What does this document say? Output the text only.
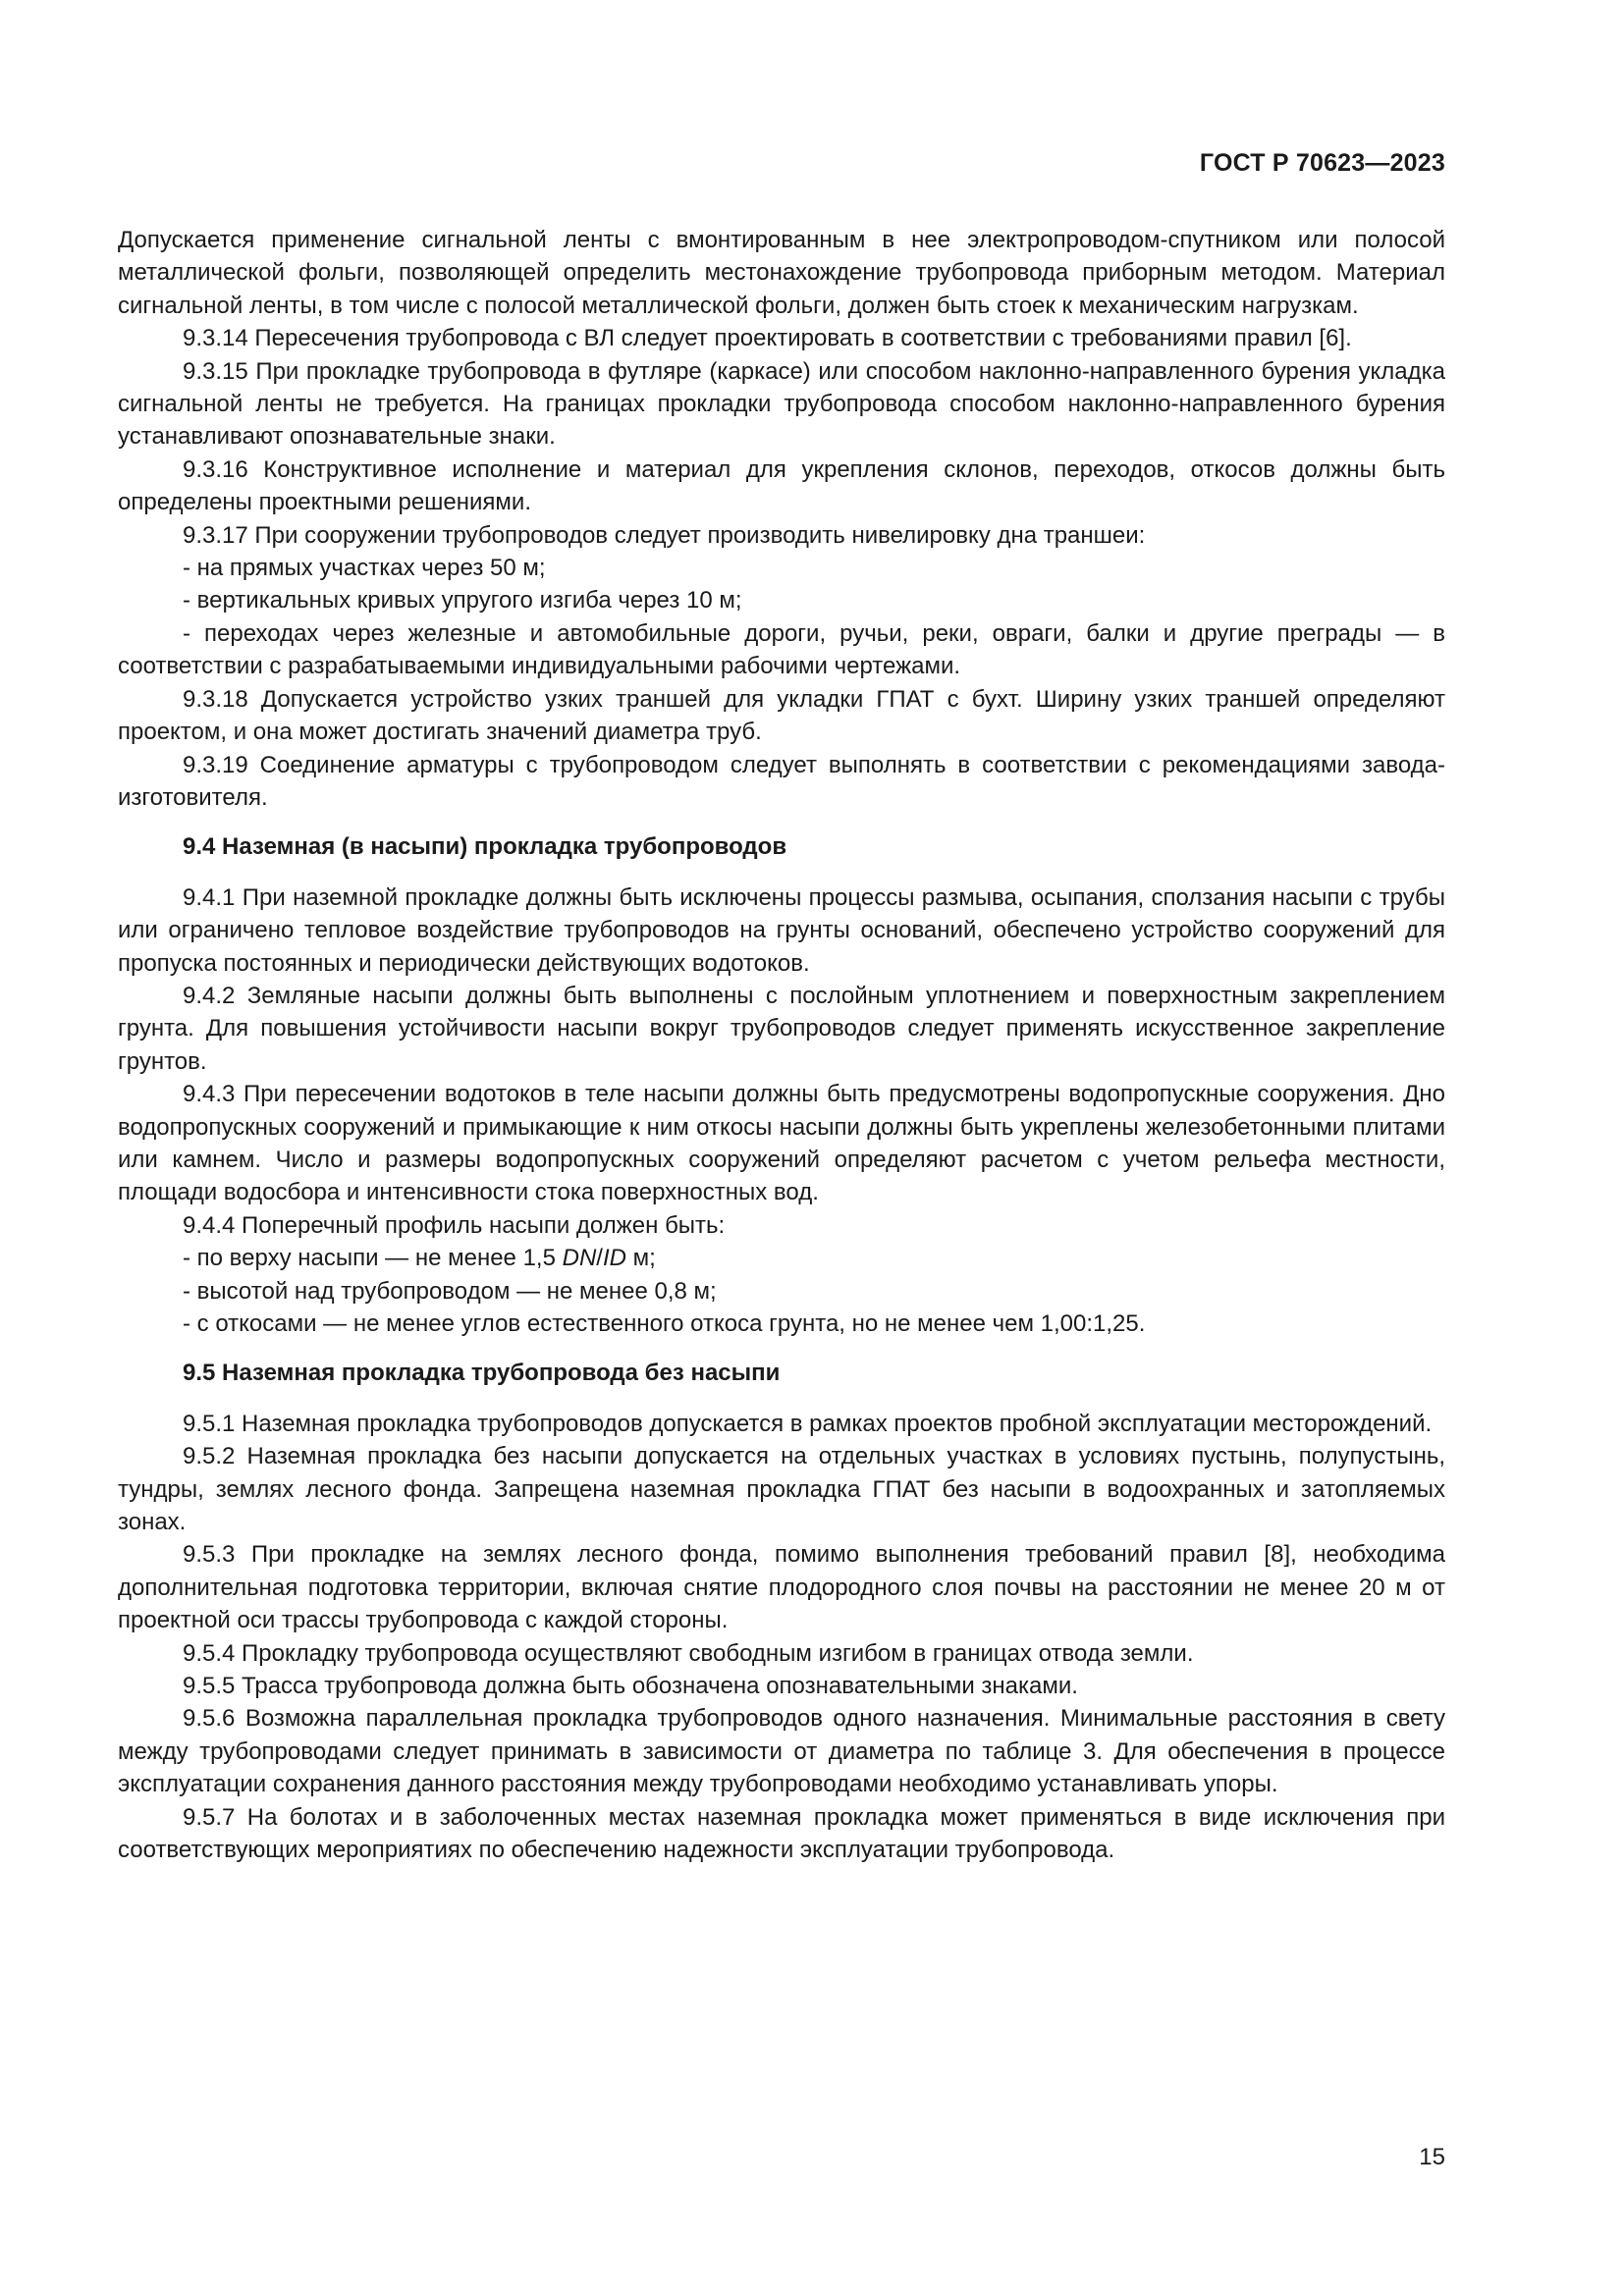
ГОСТ Р 70623—2023

Допускается применение сигнальной ленты с вмонтированным в нее электропроводом-спутником или полосой металлической фольги, позволяющей определить местонахождение трубопровода приборным методом. Материал сигнальной ленты, в том числе с полосой металлической фольги, должен быть стоек к механическим нагрузкам.

9.3.14 Пересечения трубопровода с ВЛ следует проектировать в соответствии с требованиями правил [6].

9.3.15 При прокладке трубопровода в футляре (каркасе) или способом наклонно-направленного бурения укладка сигнальной ленты не требуется. На границах прокладки трубопровода способом наклонно-направленного бурения устанавливают опознавательные знаки.

9.3.16 Конструктивное исполнение и материал для укрепления склонов, переходов, откосов должны быть определены проектными решениями.

9.3.17 При сооружении трубопроводов следует производить нивелировку дна траншеи:

- на прямых участках через 50 м;

- вертикальных кривых упругого изгиба через 10 м;

- переходах через железные и автомобильные дороги, ручьи, реки, овраги, балки и другие преграды — в соответствии с разрабатываемыми индивидуальными рабочими чертежами.

9.3.18 Допускается устройство узких траншей для укладки ГПАТ с бухт. Ширину узких траншей определяют проектом, и она может достигать значений диаметра труб.

9.3.19 Соединение арматуры с трубопроводом следует выполнять в соответствии с рекомендациями завода-изготовителя.

9.4 Наземная (в насыпи) прокладка трубопроводов

9.4.1 При наземной прокладке должны быть исключены процессы размыва, осыпания, сползания насыпи с трубы или ограничено тепловое воздействие трубопроводов на грунты оснований, обеспечено устройство сооружений для пропуска постоянных и периодически действующих водотоков.

9.4.2 Земляные насыпи должны быть выполнены с послойным уплотнением и поверхностным закреплением грунта. Для повышения устойчивости насыпи вокруг трубопроводов следует применять искусственное закрепление грунтов.

9.4.3 При пересечении водотоков в теле насыпи должны быть предусмотрены водопропускные сооружения. Дно водопропускных сооружений и примыкающие к ним откосы насыпи должны быть укреплены железобетонными плитами или камнем. Число и размеры водопропускных сооружений определяют расчетом с учетом рельефа местности, площади водосбора и интенсивности стока поверхностных вод.

9.4.4 Поперечный профиль насыпи должен быть:

- по верху насыпи — не менее 1,5 DN/ID м;

- высотой над трубопроводом — не менее 0,8 м;

- с откосами — не менее углов естественного откоса грунта, но не менее чем 1,00:1,25.

9.5 Наземная прокладка трубопровода без насыпи

9.5.1 Наземная прокладка трубопроводов допускается в рамках проектов пробной эксплуатации месторождений.

9.5.2 Наземная прокладка без насыпи допускается на отдельных участках в условиях пустынь, полупустынь, тундры, землях лесного фонда. Запрещена наземная прокладка ГПАТ без насыпи в водоохранных и затопляемых зонах.

9.5.3 При прокладке на землях лесного фонда, помимо выполнения требований правил [8], необходима дополнительная подготовка территории, включая снятие плодородного слоя почвы на расстоянии не менее 20 м от проектной оси трассы трубопровода с каждой стороны.

9.5.4 Прокладку трубопровода осуществляют свободным изгибом в границах отвода земли.

9.5.5 Трасса трубопровода должна быть обозначена опознавательными знаками.

9.5.6 Возможна параллельная прокладка трубопроводов одного назначения. Минимальные расстояния в свету между трубопроводами следует принимать в зависимости от диаметра по таблице 3. Для обеспечения в процессе эксплуатации сохранения данного расстояния между трубопроводами необходимо устанавливать упоры.

9.5.7 На болотах и в заболоченных местах наземная прокладка может применяться в виде исключения при соответствующих мероприятиях по обеспечению надежности эксплуатации трубопровода.

15
